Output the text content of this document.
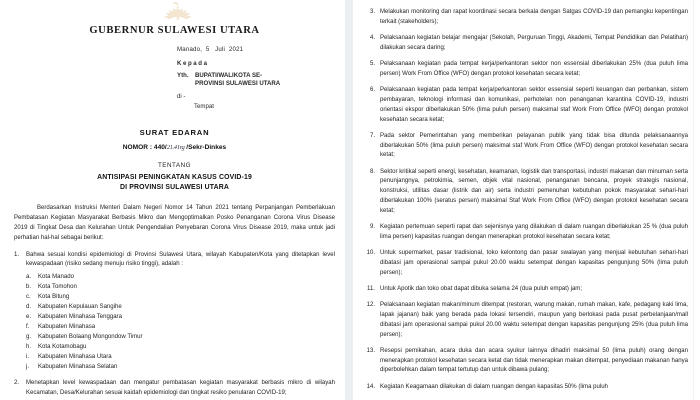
GUBERNUR SULAWESI UTARA
Manado,  5   Juli  2021
Kepada
Yth.	BUPATI/WALIKOTA SE-
PROVINSI SULAWESI UTARA
di -
Tempat
SURAT EDARAN
NOMOR : 440/21.41rg /Sekr-Dinkes
TENTANG
ANTISIPASI PENINGKATAN KASUS COVID-19
DI PROVINSI SULAWESI UTARA
Berdasarkan Instruksi Menteri Dalam Negeri Nomor 14 Tahun 2021 tentang Perpanjangan Pemberlakuan Pembatasan Kegiatan Masyarakat Berbasis Mikro dan Mengoptimalkan Posko Penanganan Corona Virus Disease 2019 di Tingkat Desa dan Kelurahan Untuk Pengendalian Penyebaran Corona Virus Disease 2019, maka untuk jadi perhatian hal-hal sebagai berikut:
1.	Bahwa sesuai kondisi epidemiologi di Provinsi Sulawesi Utara, wilayah Kabupaten/Kota yang ditetapkan level kewaspadaan (risiko sedang menuju risiko tinggi), adalah :
a.	Kota Manado
b.	Kota Tomohon
c.	Kota Bitung
d.	Kabupaten Kepulauan Sangihe
e.	Kabupaten Minahasa Tenggara
f.	Kabupaten Minahasa
g.	Kabupaten Bolaang Mongondow Timur
h.	Kota Kotamobagu
i.	Kabupaten Minahasa Utara
j.	Kabupaten Minahasa Selatan
2.	Menetapkan level kewaspadaan dan mengatur pembatasan kegiatan masyarakat berbasis mikro di wilayah Kecamatan, Desa/Kelurahan sesuai kaidah epidemiologi dan tingkat resiko penularan COVID-19;
3. Melakukan monitoring dan rapat koordinasi secara berkala dengan Satgas COVID-19 dan pemangku kepentingan terkait (stakeholders);
4. Pelaksanaan kegiatan belajar mengajar (Sekolah, Perguruan Tinggi, Akademi, Tempat Pendidikan dan Pelatihan) dilakukan secara daring;
5. Pelaksanaan kegiatan pada tempat kerja/perkantoran sektor non essensial diberlakukan 25% (dua puluh lima persen) Work From Office (WFO) dengan protokol kesehatan secara ketat;
6. Pelaksanaan kegiatan pada tempat kerja/perkantoran sektor essensial seperti keuangan dan perbankan, sistem pembayaran, teknologi informasi dan komunikasi, perhotelan non penanganan karantina COVID-19, industri orientasi ekspor diberlakukan 50% (lima puluh persen) maksimal staf Work From Office (WFO) dengan protokol kesehatan secara ketat;
7. Pada sektor Pemerintahan yang memberikan pelayanan publik yang tidak bisa ditunda pelaksanaannya diberlakukan 50% (lima puluh persen) maksimal staf Work From Office (WFO) dengan protokol kesehatan secara ketat;
8. Sektor kritikal seperti energi, kesehatan, keamanan, logistik dan transportasi, industri makanan dan minuman serta penunjangnya, petrokimia, semen, objek vital nasional, penanganan bencana, proyek strategis nasional, konstruksi, utilitas dasar (listrik dan air) serta industri pemenuhan kebutuhan pokok masyarakat sehari-hari diberlakukan 100% (seratus persen) maksimal Staf Work From Office (WFO) dengan protokol kesehatan secara ketat;
9. Kegiatan pertemuan seperti rapat dan sejenisnya yang dilakukan di dalam ruangan diberlakukan 25 % (dua puluh lima persen) kapasitas ruangan dengan menerapkan protokol kesehatan secara ketat;
10. Untuk supermarket, pasar tradisional, toko kelontong dan pasar swalayan yang menjual kebutuhan sehari-hari dibatasi jam operasional sampai pukul 20.00 waktu setempat dengan kapasitas pengunjung 50% (lima puluh persen);
11. Untuk Apotik dan toko obat dapat dibuka selama 24 (dua puluh empat) jam;
12. Pelaksanaan kegiatan makan/minum ditempat (restoran, warung makan, rumah makan, kafe, pedagang kaki lima, lapak jajanan) baik yang berada pada lokasi tersendiri, maupun yang berlokasi pada pusat perbelanjaan/mall dibatasi jam operasional sampai pukul 20.00 waktu setempat dengan kapasitas pengunjung 25% (dua puluh lima persen);
13. Resepsi pernikahan, acara duka dan acara syukur lainnya dihadiri maksimal 50 (lima puluh) orang dengan menerapkan protokol kesehatan secara ketat dan tidak menerapkan makan ditempat, penyediaan makanan hanya diperbolehkan dalam tempat tertutup dan untuk dibawa pulang;
14. Kegiatan Keagamaan dilakukan di dalam ruangan dengan kapasitas 50% (lima puluh
